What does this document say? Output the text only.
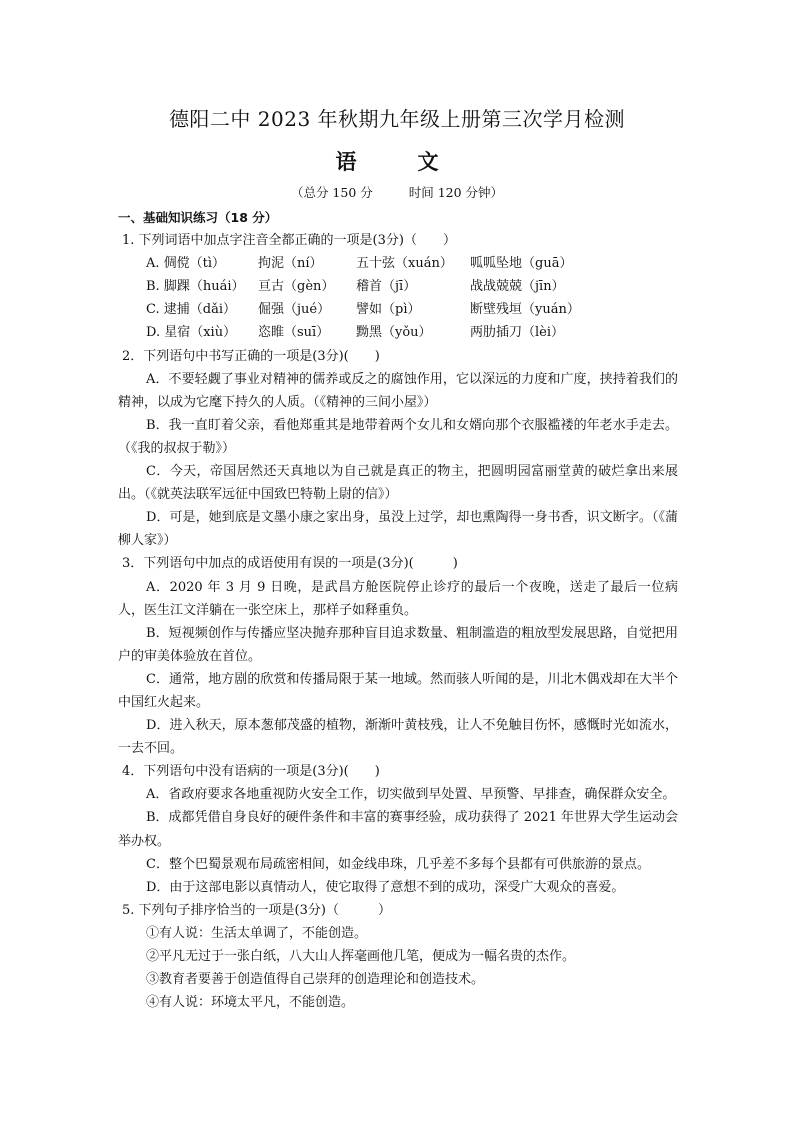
德阳二中 2023 年秋期九年级上册第三次学月检测
语　文
（总分 150 分	时间 120 分钟）

一、基础知识练习（18 分）

1. 下列词语中加点字注音全都正确的一项是(3分)（　　）

A. 倜傥（tì）	拘泥（ní）	五十弦（xuán）	呱呱坠地（guā）
B. 脚踝（huái）	亘古（gèn）	稽首（jī）	战战兢兢（jīn）
C. 逮捕（dǎi）	倔强（jué）	譬如（pì）	断壁残垣（yuán）
D. 星宿（xiù）	恣睢（suī）	黝黑（yǒu）	两肋插刀（lèi）

2．下列语句中书写正确的一项是(3分)(　　)

A．不要轻觑了事业对精神的儒养或反之的腐蚀作用，它以深远的力度和广度，挟持着我们的精神，以成为它麾下持久的人质。（《精神的三间小屋》）

B．我一直盯着父亲，看他郑重其是地带着两个女儿和女婿向那个衣服褴褛的年老水手走去。（《我的叔叔于勒》）

C．今天，帝国居然还天真地以为自己就是真正的物主，把圆明园富丽堂黄的破烂拿出来展出。（《就英法联军远征中国致巴特勒上尉的信》）

D．可是，她到底是文墨小康之家出身，虽没上过学，却也熏陶得一身书香，识文断字。（《蒲柳人家》）

3．下列语句中加点的成语使用有误的一项是(3分)(　　　)

A．2020 年 3 月 9 日晚，是武昌方舱医院停止诊疗的最后一个夜晚，送走了最后一位病人，医生江文洋躺在一张空床上，那样子如释重负。

B．短视频创作与传播应坚决抛弃那种盲目追求数量、粗制滥造的粗放型发展思路，自觉把用户的审美体验放在首位。

C．通常，地方剧的欣赏和传播局限于某一地域。然而骇人听闻的是，川北木偶戏却在大半个中国红火起来。

D．进入秋天，原本葱郁茂盛的植物，渐渐叶黄枝残，让人不免触目伤怀，感慨时光如流水，一去不回。

4．下列语句中没有语病的一项是(3分)(　　)

A．省政府要求各地重视防火安全工作，切实做到早处置、早预警、早排查，确保群众安全。

B．成都凭借自身良好的硬件条件和丰富的赛事经验，成功获得了 2021 年世界大学生运动会举办权。

C．整个巴蜀景观布局疏密相间，如金线串珠，几乎差不多每个县都有可供旅游的景点。

D．由于这部电影以真情动人，使它取得了意想不到的成功，深受广大观众的喜爱。

5. 下列句子排序恰当的一项是(3分)（　　　）

①有人说：生活太单调了，不能创造。

②平凡无过于一张白纸，八大山人挥毫画他几笔，便成为一幅名贵的杰作。

③教育者要善于创造值得自己崇拜的创造理论和创造技术。

④有人说：环境太平凡，不能创造。
